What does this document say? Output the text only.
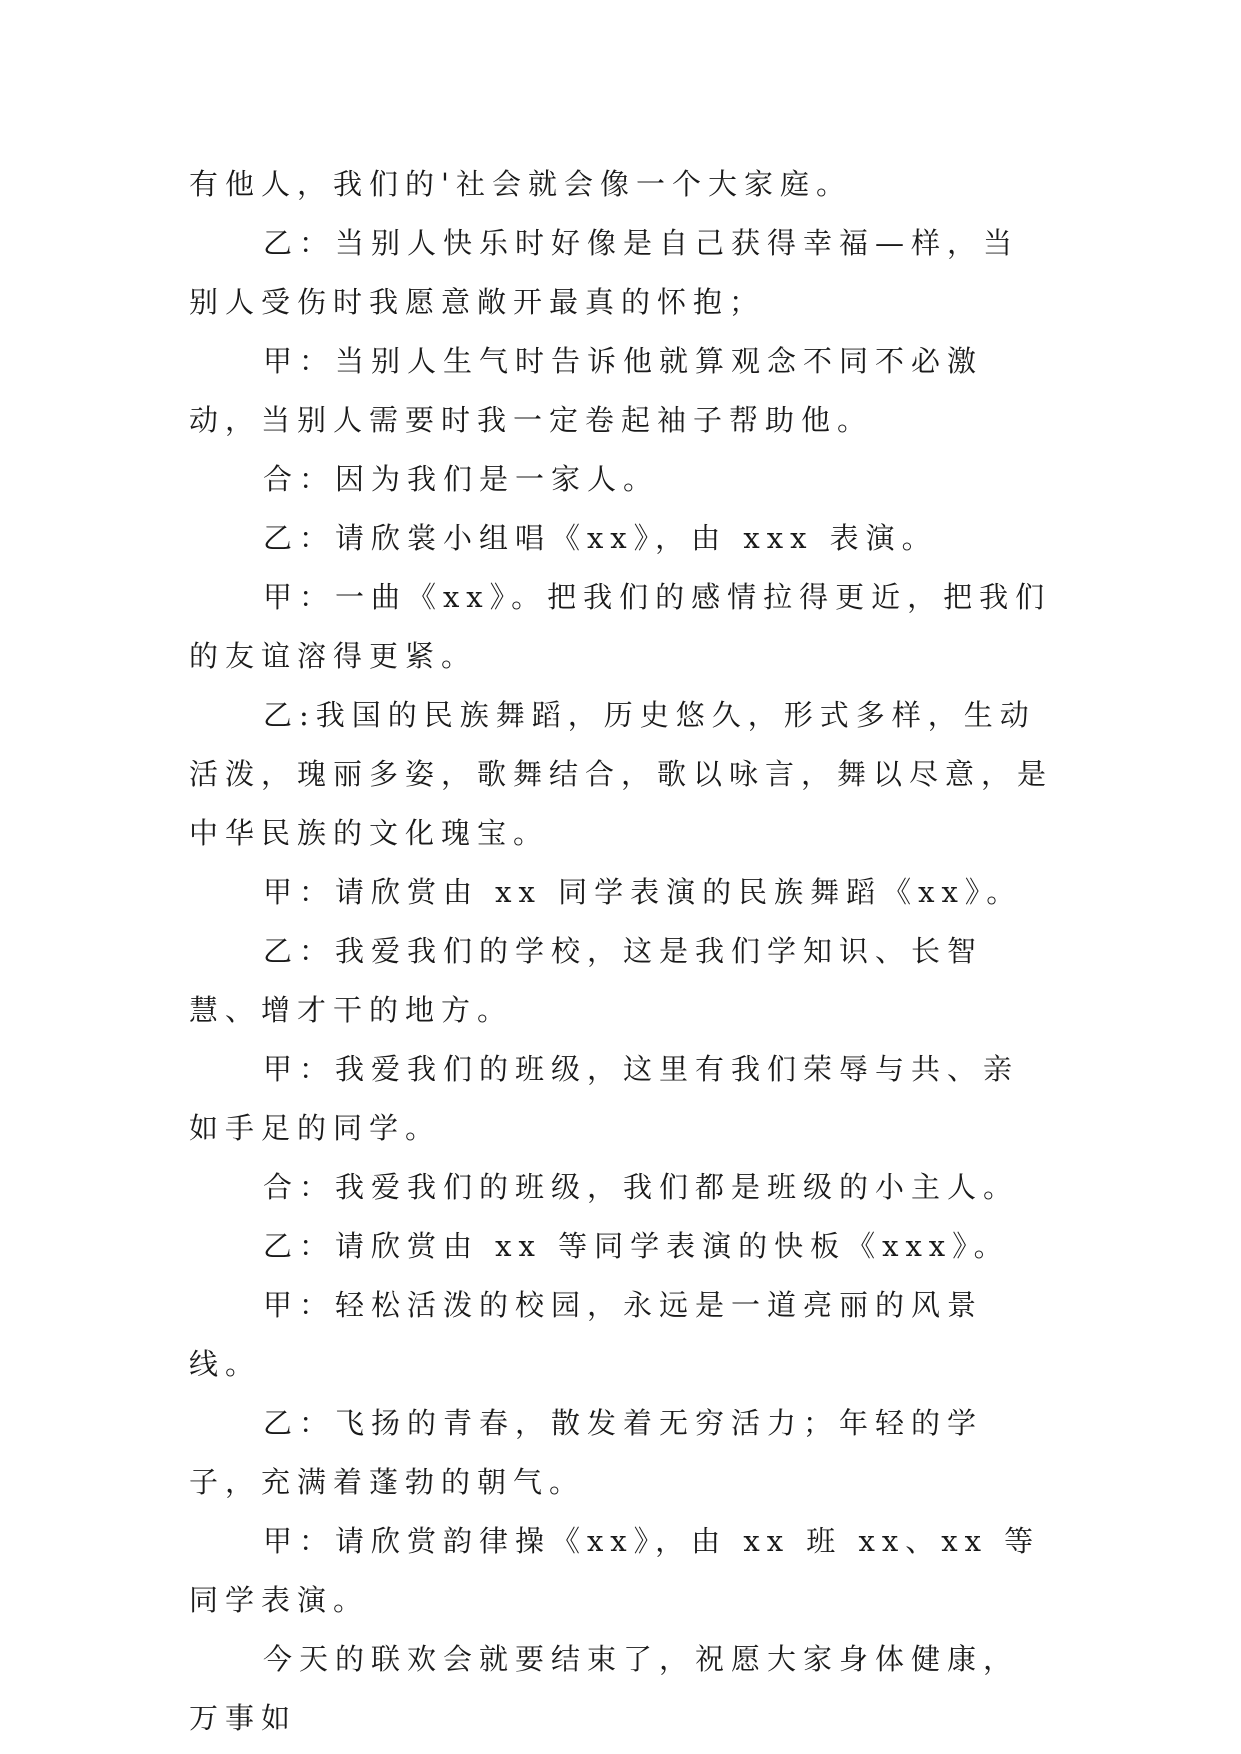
有他人，我们的'社会就会像一个大家庭。

乙：当别人快乐时好像是自己获得幸福—样，当别人受伤时我愿意敞开最真的怀抱；

甲：当别人生气时告诉他就算观念不同不必激动，当别人需要时我一定卷起袖子帮助他。

合：因为我们是一家人。

乙：请欣裳小组唱《xx》，由 xxx 表演。

甲：一曲《xx》。把我们的感情拉得更近，把我们的友谊溶得更紧。

乙:我国的民族舞蹈，历史悠久，形式多样，生动活泼，瑰丽多姿，歌舞结合，歌以咏言，舞以尽意，是中华民族的文化瑰宝。

甲：请欣赏由 xx 同学表演的民族舞蹈《xx》。

乙：我爱我们的学校，这是我们学知识、长智慧、增才干的地方。

甲：我爱我们的班级，这里有我们荣辱与共、亲如手足的同学。

合：我爱我们的班级，我们都是班级的小主人。

乙：请欣赏由 xx 等同学表演的快板《xxx》。

甲：轻松活泼的校园，永远是一道亮丽的风景线。

乙：飞扬的青春，散发着无穷活力；年轻的学子，充满着蓬勃的朝气。

甲：请欣赏韵律操《xx》，由 xx 班 xx、xx 等同学表演。

今天的联欢会就要结束了，祝愿大家身体健康，万事如
